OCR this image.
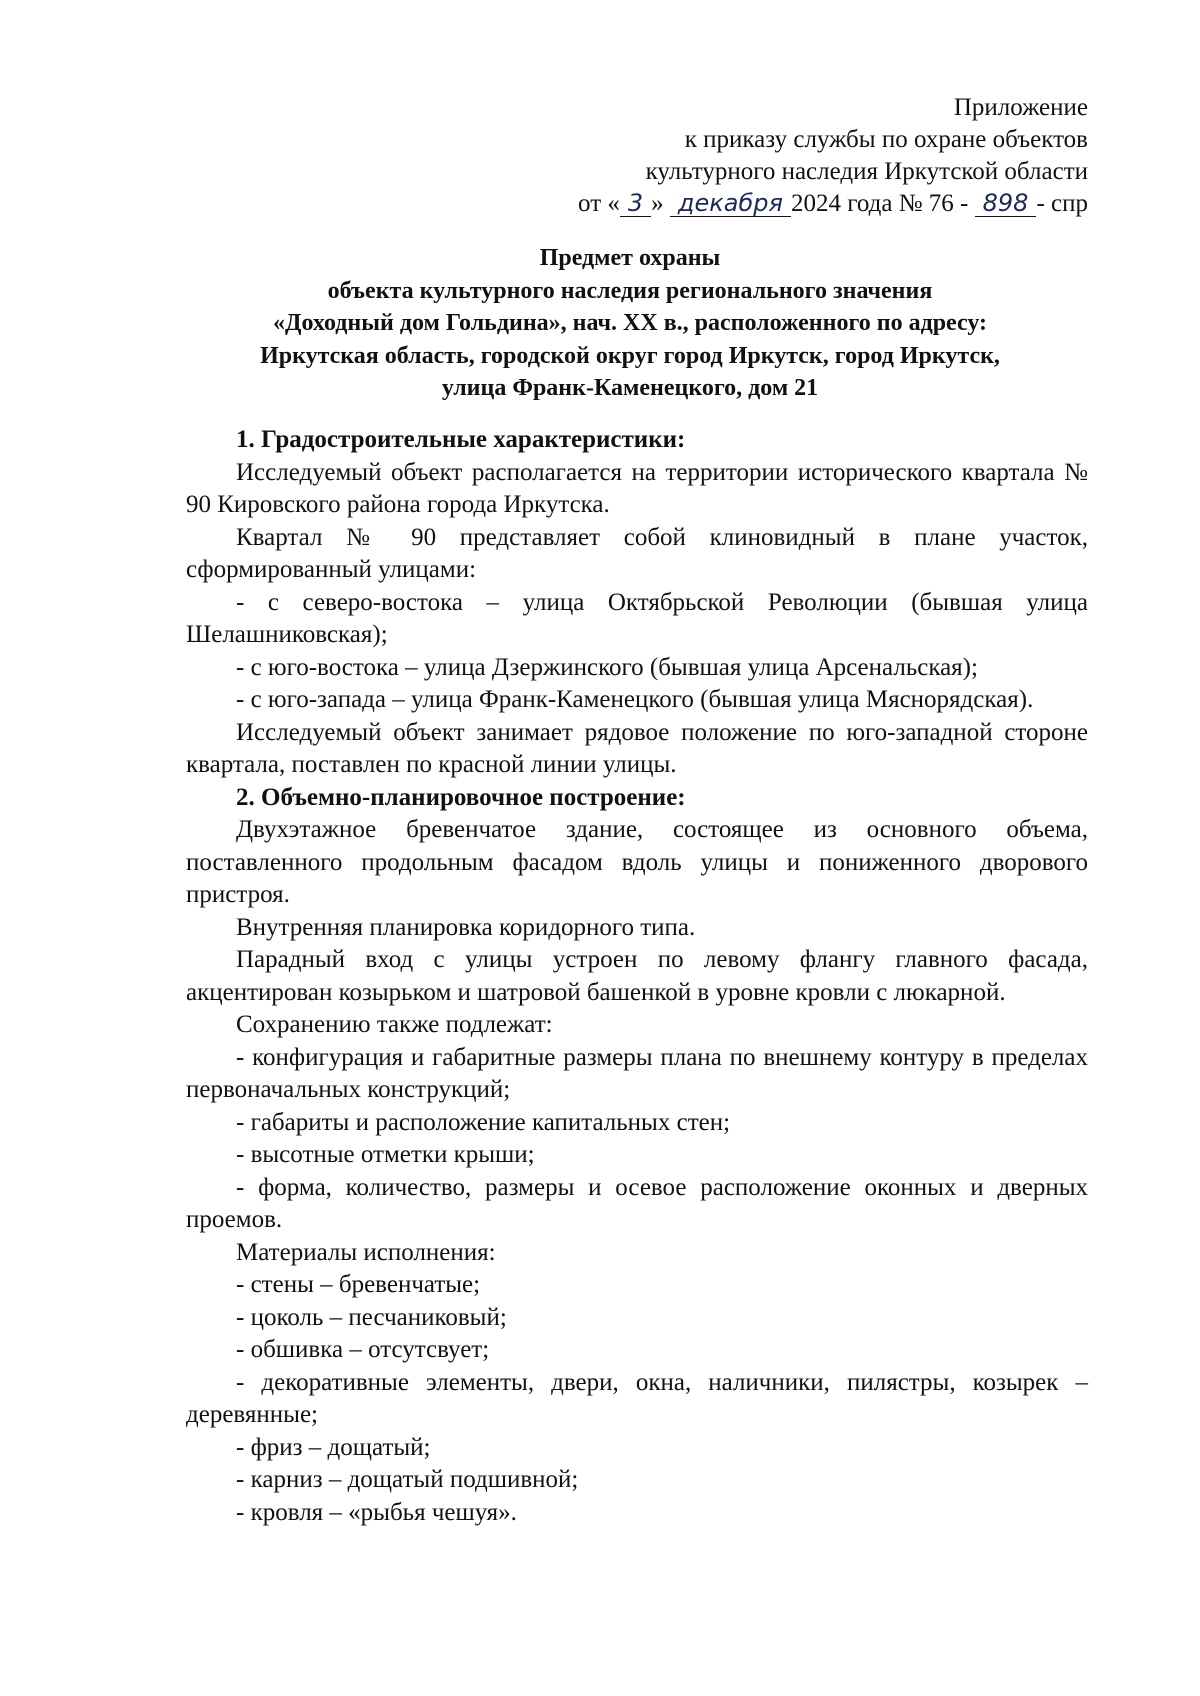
Приложение
к приказу службы по охране объектов
культурного наследия Иркутской области
от « 3 » декабря 2024 года № 76 - 898 - спр
Предмет охраны
объекта культурного наследия регионального значения
«Доходный дом Гольдина», нач. XX в., расположенного по адресу:
Иркутская область, городской округ город Иркутск, город Иркутск,
улица Франк-Каменецкого, дом 21

1. Градостроительные характеристики:

Исследуемый объект располагается на территории исторического квартала № 90 Кировского района города Иркутска.

Квартал № 90 представляет собой клиновидный в плане участок, сформированный улицами:

- с северо-востока – улица Октябрьской Революции (бывшая улица Шелашниковская);

- с юго-востока – улица Дзержинского (бывшая улица Арсенальская);

- с юго-запада – улица Франк-Каменецкого (бывшая улица Мяснорядская).

Исследуемый объект занимает рядовое положение по юго-западной стороне квартала, поставлен по красной линии улицы.

2. Объемно-планировочное построение:

Двухэтажное бревенчатое здание, состоящее из основного объема, поставленного продольным фасадом вдоль улицы и пониженного дворового пристроя.

Внутренняя планировка коридорного типа.

Парадный вход с улицы устроен по левому флангу главного фасада, акцентирован козырьком и шатровой башенкой в уровне кровли с люкарной.

Сохранению также подлежат:

- конфигурация и габаритные размеры плана по внешнему контуру в пределах первоначальных конструкций;

- габариты и расположение капитальных стен;

- высотные отметки крыши;

- форма, количество, размеры и осевое расположение оконных и дверных проемов.

Материалы исполнения:

- стены – бревенчатые;

- цоколь – песчаниковый;

- обшивка – отсутсвует;

- декоративные элементы, двери, окна, наличники, пилястры, козырек – деревянные;

- фриз – дощатый;

- карниз – дощатый подшивной;

- кровля – «рыбья чешуя».
